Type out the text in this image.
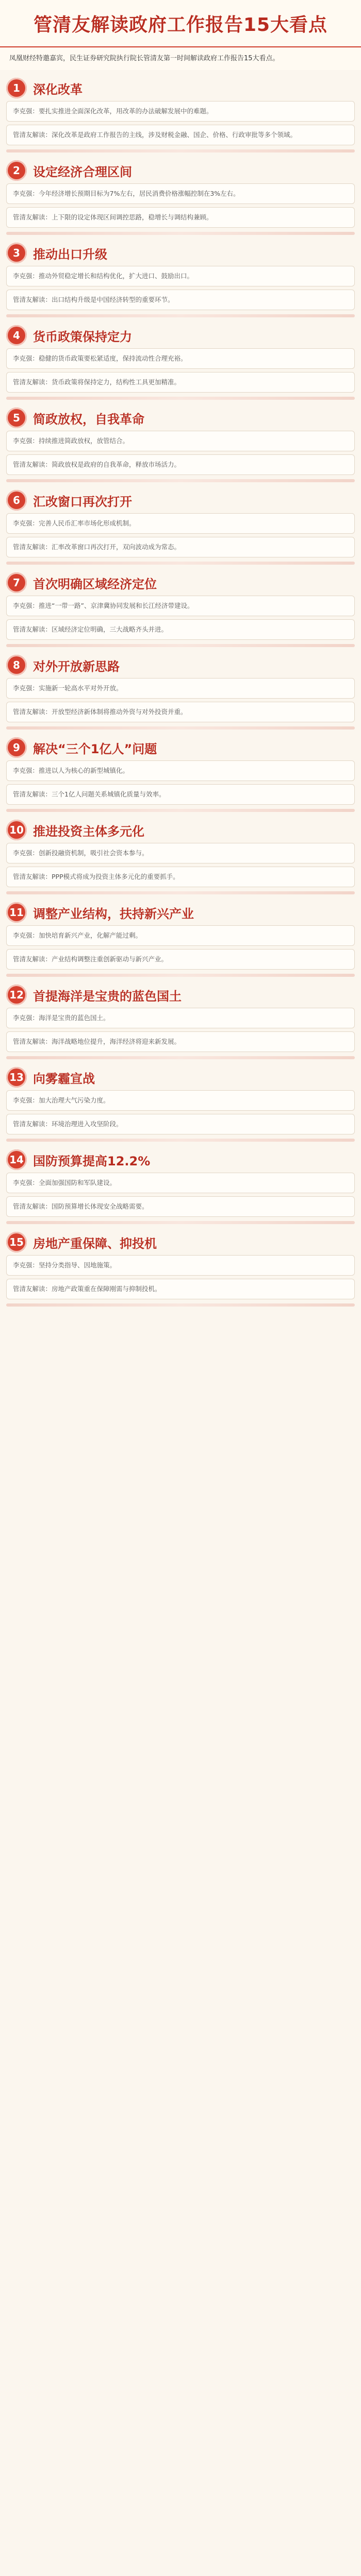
管清友解读政府工作报告15大看点
凤凰财经特邀嘉宾，民生证券研究院执行院长管清友第一时间解读政府工作报告15大看点。
1	深化改革
李克强：要扎实推进全面深化改革，用改革的办法破解发展中的难题。
管清友解读：深化改革是政府工作报告的主线，涉及财税金融、国企、价格、行政审批等多个领域。
2	设定经济合理区间
李克强：今年经济增长预期目标为7%左右，居民消费价格涨幅控制在3%左右。
管清友解读：上下限的设定体现区间调控思路，稳增长与调结构兼顾。
3	推动出口升级
李克强：推动外贸稳定增长和结构优化，扩大进口、鼓励出口。
管清友解读：出口结构升级是中国经济转型的重要环节。
4	货币政策保持定力
李克强：稳健的货币政策要松紧适度，保持流动性合理充裕。
管清友解读：货币政策将保持定力，结构性工具更加精准。
5	简政放权，自我革命
李克强：持续推进简政放权，放管结合。
管清友解读：简政放权是政府的自我革命，释放市场活力。
6	汇改窗口再次打开
李克强：完善人民币汇率市场化形成机制。
管清友解读：汇率改革窗口再次打开，双向波动成为常态。
7	首次明确区域经济定位
李克强：推进“一带一路”、京津冀协同发展和长江经济带建设。
管清友解读：区域经济定位明确，三大战略齐头并进。
8	对外开放新思路
李克强：实施新一轮高水平对外开放。
管清友解读：开放型经济新体制将推动外资与对外投资并重。
9	解决“三个1亿人”问题
李克强：推进以人为核心的新型城镇化。
管清友解读：三个1亿人问题关系城镇化质量与效率。
10 推进投资主体多元化
李克强：创新投融资机制，吸引社会资本参与。
管清友解读：PPP模式将成为投资主体多元化的重要抓手。
11 调整产业结构，扶持新兴产业
李克强：加快培育新兴产业，化解产能过剩。
管清友解读：产业结构调整注重创新驱动与新兴产业。
12 首提海洋是宝贵的蓝色国土
李克强：海洋是宝贵的蓝色国土。
管清友解读：海洋战略地位提升，海洋经济将迎来新发展。
13 向雾霾宣战
李克强：加大治理大气污染力度。
管清友解读：环境治理进入攻坚阶段。
14 国防预算提高12.2%
李克强：全面加强国防和军队建设。
管清友解读：国防预算增长体现安全战略需要。
15 房地产重保障、抑投机
李克强：坚持分类指导、因地施策。
管清友解读：房地产政策重在保障刚需与抑制投机。
